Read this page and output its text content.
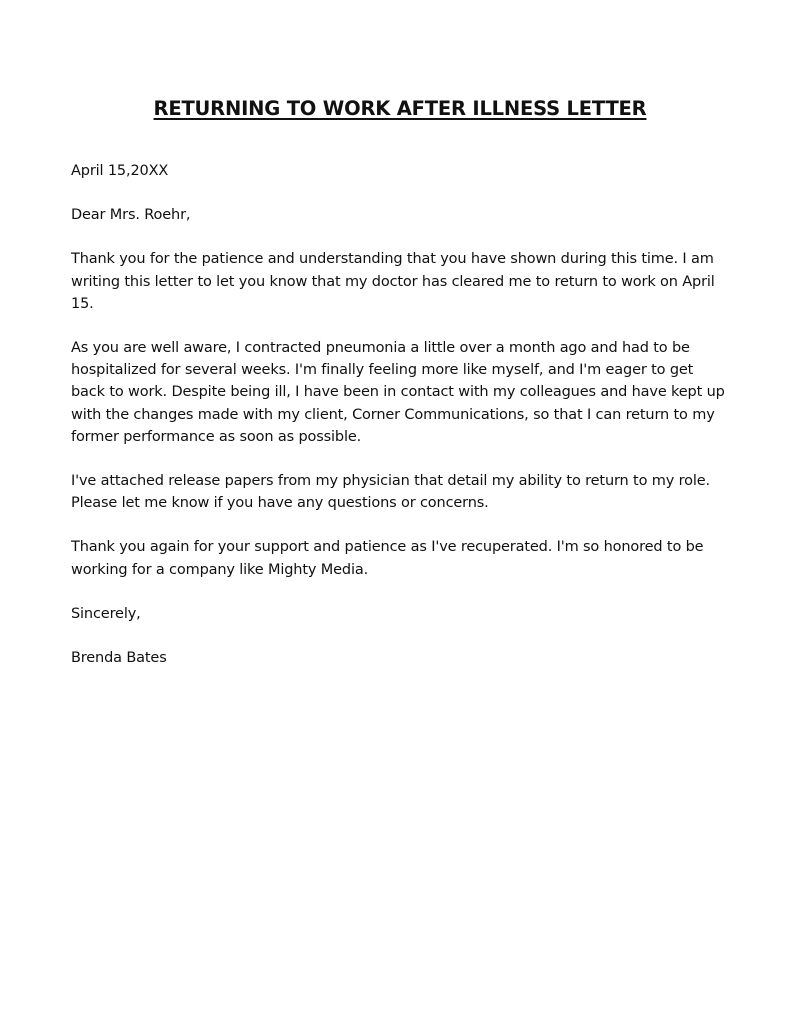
RETURNING TO WORK AFTER ILLNESS LETTER

April 15,20XX

Dear Mrs. Roehr,

Thank you for the patience and understanding that you have shown during this time. I am writing this letter to let you know that my doctor has cleared me to return to work on April 15.

As you are well aware, I contracted pneumonia a little over a month ago and had to be hospitalized for several weeks. I'm finally feeling more like myself, and I'm eager to get back to work. Despite being ill, I have been in contact with my colleagues and have kept up with the changes made with my client, Corner Communications, so that I can return to my former performance as soon as possible.

I've attached release papers from my physician that detail my ability to return to my role. Please let me know if you have any questions or concerns.

Thank you again for your support and patience as I've recuperated. I'm so honored to be working for a company like Mighty Media.

Sincerely,

Brenda Bates
